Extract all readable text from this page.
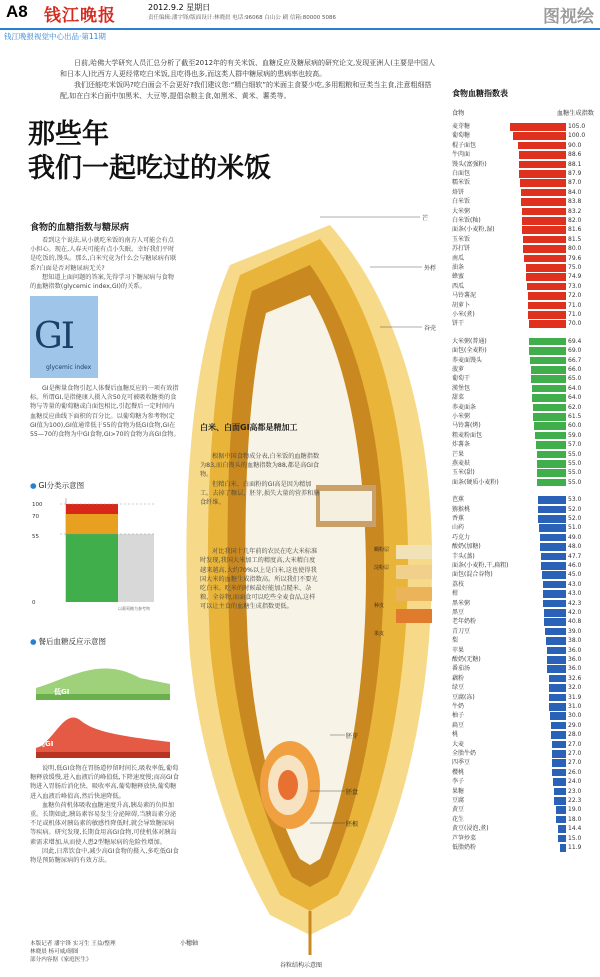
A8 钱江晚报	2012.9.2 星期日
责任编辑:潘宇锋/版面设计:林晓晨 电话:96068 白山公 刷 信箱:80000 5086	图视绘
钱江晚报视觉中心出品·第11期

日前,哈佛大学研究人员汇总分析了截至2012年的有关米饭、血糖反应及糖尿病的研究论文,发现亚洲人(主要是中国人和日本人)比西方人更经常吃白米饭,且吃得也多,而这类人群中糖尿病的患病率也较高。

我们还能吃米饭吗?吃白面会不会更好?我们建议您:“精白细软”的米面主食要少吃,多用粗粮和豆类当主食,注意粗细搭配,如在白米白面中加黑米、大豆等,提倡杂粮主食,如黑米、黄米、薯类等。

那些年
我们一起吃过的米饭
食物的血糖指数与糖尿病

看到这个说法,从小就吃米饭的南方人可能会有点小担心。现在,人春天可能有点小失眠。幸好我们平时是吃饭的,馒头。那么,白米究竟为什么会与糖尿病有联系?白面是否对糖尿病无关?

想知道上面问题的答案,先得学习下糖尿病与食物的血糖指数(glycemic index,GI)的关系。

GI
glycemic index

GI是衡量食物引起人体餐后血糖反应的一项有效指标。所谓GI,是指健康人摄入含50克可被吸收糖类的食物与等量的葡萄糖或白面包相比,引起餐后一定时间内血糖反应曲线下面积的百分比。以葡萄糖为参考物(定GI值为100),GI值通常低于55的食物为低GI食物,GI在55—70的食物为中GI食物,GI>70的食物为高GI食物。

● GI分类示意图
100
70
55
0
以葡萄糖为参考物
● 餐后血糖反应示意图
低GI
高GI

说明,低GI食物在胃肠道停留时间长,吸收率低,葡萄糖释放缓慢,进入血液后的峰值低,下降速度慢;而高GI食物进入胃肠后消化快、吸收率高,葡萄糖释放快,葡萄糖进入血液后峰值高,然后快速降低。

血糖负荷机体吸收血糖速度升高,胰岛素的负担加重。长期如此,胰岛素容易发生分泌障碍,当胰岛素分泌不足或机体对胰岛素的敏感性降低时,就会导致糖尿病等疾病。研究发现,长期食用高GI食物,可使机体对胰岛素需求增加,从而使人患2型糖尿病的危险性增加。

因此,日常饮食中,减少高GI食物的摄入,多吃低GI食物是预防糖尿病的有效方法。

本版记者 潘宇锋 实习生 王益/整理
林晓晨 杨可威/制图
部分内容据《家庭医生》
芒
外稃
谷壳
胚芽
胚盘
胚根
小穗轴
糊粉层
淀粉层
种皮
果皮
谷粒结构示意图
白米、白面GI高都是精加工

根据中国食物成分表,白米饭的血糖指数为83,而白馒头的血糖指数为88,都是高GI食物。

但精白米、白面粉的GI高是因为精加工。去掉了糠层、胚芽,损失大量的营养和膳食纤维。

对比我国十几年前的农民在吃大米标准时发现,我国大米加工的精度高,大米精白度越来越高,大约70%以上是白米,这也使得我国大米的血糖生成指数高。所以我们不要光吃白米。吃米的时候最好能加点糙米、杂粮、全谷物,而面食可以吃些全麦食品,这样可以让主食的血糖生成指数更低。

食物血糖指数表
食物	血糖生成指数
麦芽糖	105.0
葡萄糖	100.0
棍子面包	90.0
牛肉面	88.6
馒头(富强粉)	88.1
白面包	87.9
糯米饭	87.0
烙饼	84.0
白米饭	83.8
大米粥	83.2
白米饭(籼)	82.0
面条(小麦粉,湿)	81.6
玉米饭	81.5
苏打饼	80.0
南瓜	79.6
油条	75.0
蜂蜜	74.9
西瓜	73.0
马铃薯泥	72.0
胡萝卜	71.0
小米(煮)	71.0
饼干	70.0
大米粥(普通)	69.4
面包(全麦粉)	69.0
荞麦面馒头	66.7
菠萝	66.0
葡萄干	65.0
漢堡包	64.0
甜菜	64.0
荞麦面条	62.0
小米粥	61.5
马铃薯(烤)	60.0
粗麦粉面包	59.0
炸薯条	57.0
芒果	55.0
燕麦麸	55.0
玉米(甜)	55.0
面条(硬质小麦粉)	55.0
芭蕉	53.0
猕猴桃	52.0
香蕉	52.0
山药	51.0
巧克力	49.0
酸奶(加糖)	48.0
芋头(蒸)	47.7
面条(小麦粉,干,扁粗)	46.0
面包(混合谷物)	45.0
荔枝	43.0
柑	43.0
黑米粥	42.3
黑豆	42.0
老年奶粉	40.8
青刀豆	39.0
梨	38.0
苹果	36.0
酸奶(无糖)	36.0
番茄汤	36.0
藕粉	32.6
绿豆	32.0
豆腐(冻)	31.9
牛奶	31.0
柚子	30.0
扁豆	29.0
桃	28.0
大麦	27.0
全脂牛奶	27.0
四季豆	27.0
樱桃	26.0
李子	24.0
果糖	23.0
豆腐	22.3
黄豆	19.0
花生	18.0
黄豆(浸泡,煮)	14.4
芦笋炒菜	15.0
低脂奶粉	11.9
